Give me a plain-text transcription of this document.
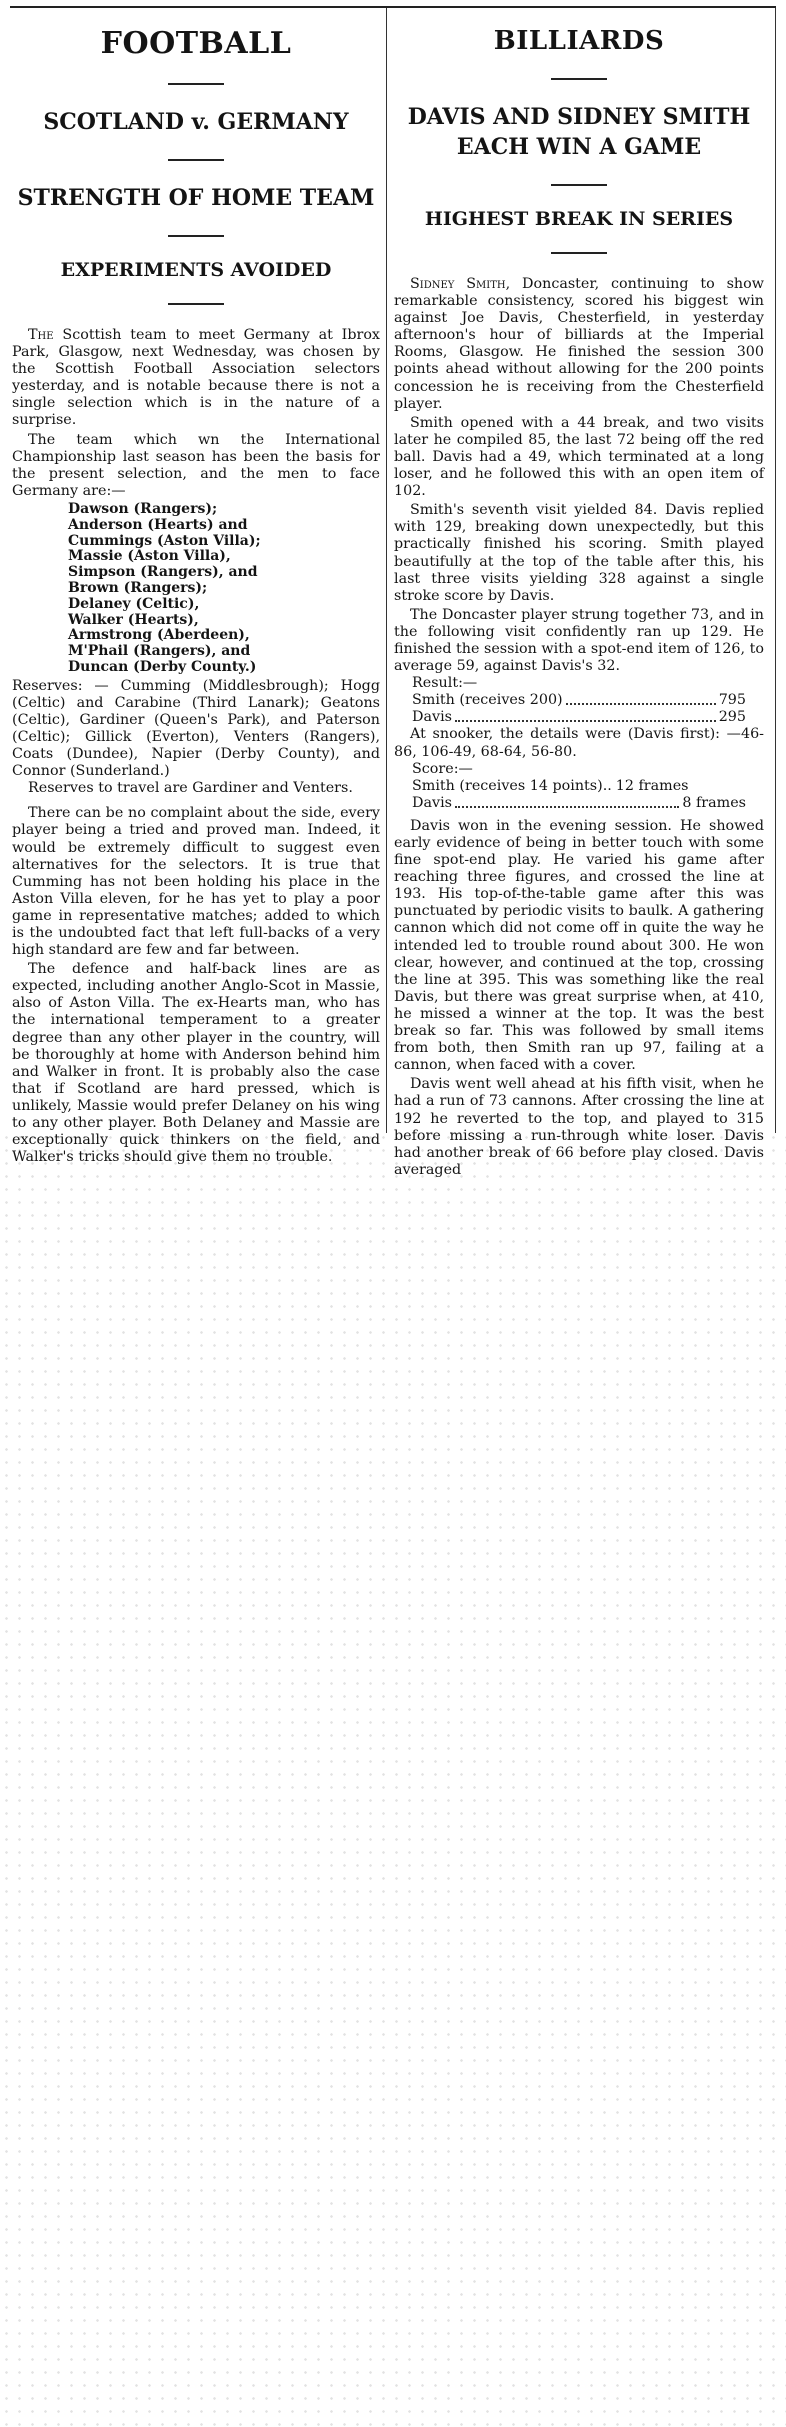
FOOTBALL
SCOTLAND v. GERMANY
STRENGTH OF HOME TEAM
EXPERIMENTS AVOIDED

The Scottish team to meet Germany at Ibrox Park, Glasgow, next Wednesday, was chosen by the Scottish Football Association selectors yesterday, and is notable because there is not a single selection which is in the nature of a surprise.

The team which wn the International Championship last season has been the basis for the present selection, and the men to face Germany are:—

Dawson (Rangers);
Anderson (Hearts) and
Cummings (Aston Villa);
Massie (Aston Villa),
Simpson (Rangers), and
Brown (Rangers);
Delaney (Celtic),
Walker (Hearts),
Armstrong (Aberdeen),
M'Phail (Rangers), and
Duncan (Derby County.)

Reserves: — Cumming (Middlesbrough); Hogg (Celtic) and Carabine (Third Lanark); Geatons (Celtic), Gardiner (Queen's Park), and Paterson (Celtic); Gillick (Everton), Venters (Rangers), Coats (Dundee), Napier (Derby County), and Connor (Sunderland.)

Reserves to travel are Gardiner and Venters.

There can be no complaint about the side, every player being a tried and proved man. Indeed, it would be extremely difficult to suggest even alternatives for the selectors. It is true that Cumming has not been holding his place in the Aston Villa eleven, for he has yet to play a poor game in representative matches; added to which is the undoubted fact that left full-backs of a very high standard are few and far between.

The defence and half-back lines are as expected, including another Anglo-Scot in Massie, also of Aston Villa. The ex-Hearts man, who has the international temperament to a greater degree than any other player in the country, will be thoroughly at home with Anderson behind him and Walker in front. It is probably also the case that if Scotland are hard pressed, which is unlikely, Massie would prefer Delaney on his wing to any other player. Both Delaney and Massie are exceptionally quick thinkers on the field, and Walker's tricks should give them no trouble.

BILLIARDS
DAVIS AND SIDNEY SMITH EACH WIN A GAME
HIGHEST BREAK IN SERIES

Sidney Smith, Doncaster, continuing to show remarkable consistency, scored his biggest win against Joe Davis, Chesterfield, in yesterday afternoon's hour of billiards at the Imperial Rooms, Glasgow. He finished the session 300 points ahead without allowing for the 200 points concession he is receiving from the Chesterfield player.

Smith opened with a 44 break, and two visits later he compiled 85, the last 72 being off the red ball. Davis had a 49, which terminated at a long loser, and he followed this with an open item of 102.

Smith's seventh visit yielded 84. Davis replied with 129, breaking down unexpectedly, but this practically finished his scoring. Smith played beautifully at the top of the table after this, his last three visits yielding 328 against a single stroke score by Davis.

The Doncaster player strung together 73, and in the following visit confidently ran up 129. He finished the session with a spot-end item of 126, to average 59, against Davis's 32.

Result:—
Smith (receives 200)	795
Davis	295

At snooker, the details were (Davis first): —46-86, 106-49, 68-64, 56-80.

Score:—
Smith (receives 14 points).. 12 frames
Davis	8 frames

Davis won in the evening session. He showed early evidence of being in better touch with some fine spot-end play. He varied his game after reaching three figures, and crossed the line at 193. His top-of-the-table game after this was punctuated by periodic visits to baulk. A gathering cannon which did not come off in quite the way he intended led to trouble round about 300. He won clear, however, and continued at the top, crossing the line at 395. This was something like the real Davis, but there was great surprise when, at 410, he missed a winner at the top. It was the best break so far. This was followed by small items from both, then Smith ran up 97, failing at a cannon, when faced with a cover.

Davis went well ahead at his fifth visit, when he had a run of 73 cannons. After crossing the line at 192 he reverted to the top, and played to 315 before missing a run-through white loser. Davis had another break of 66 before play closed. Davis averaged
